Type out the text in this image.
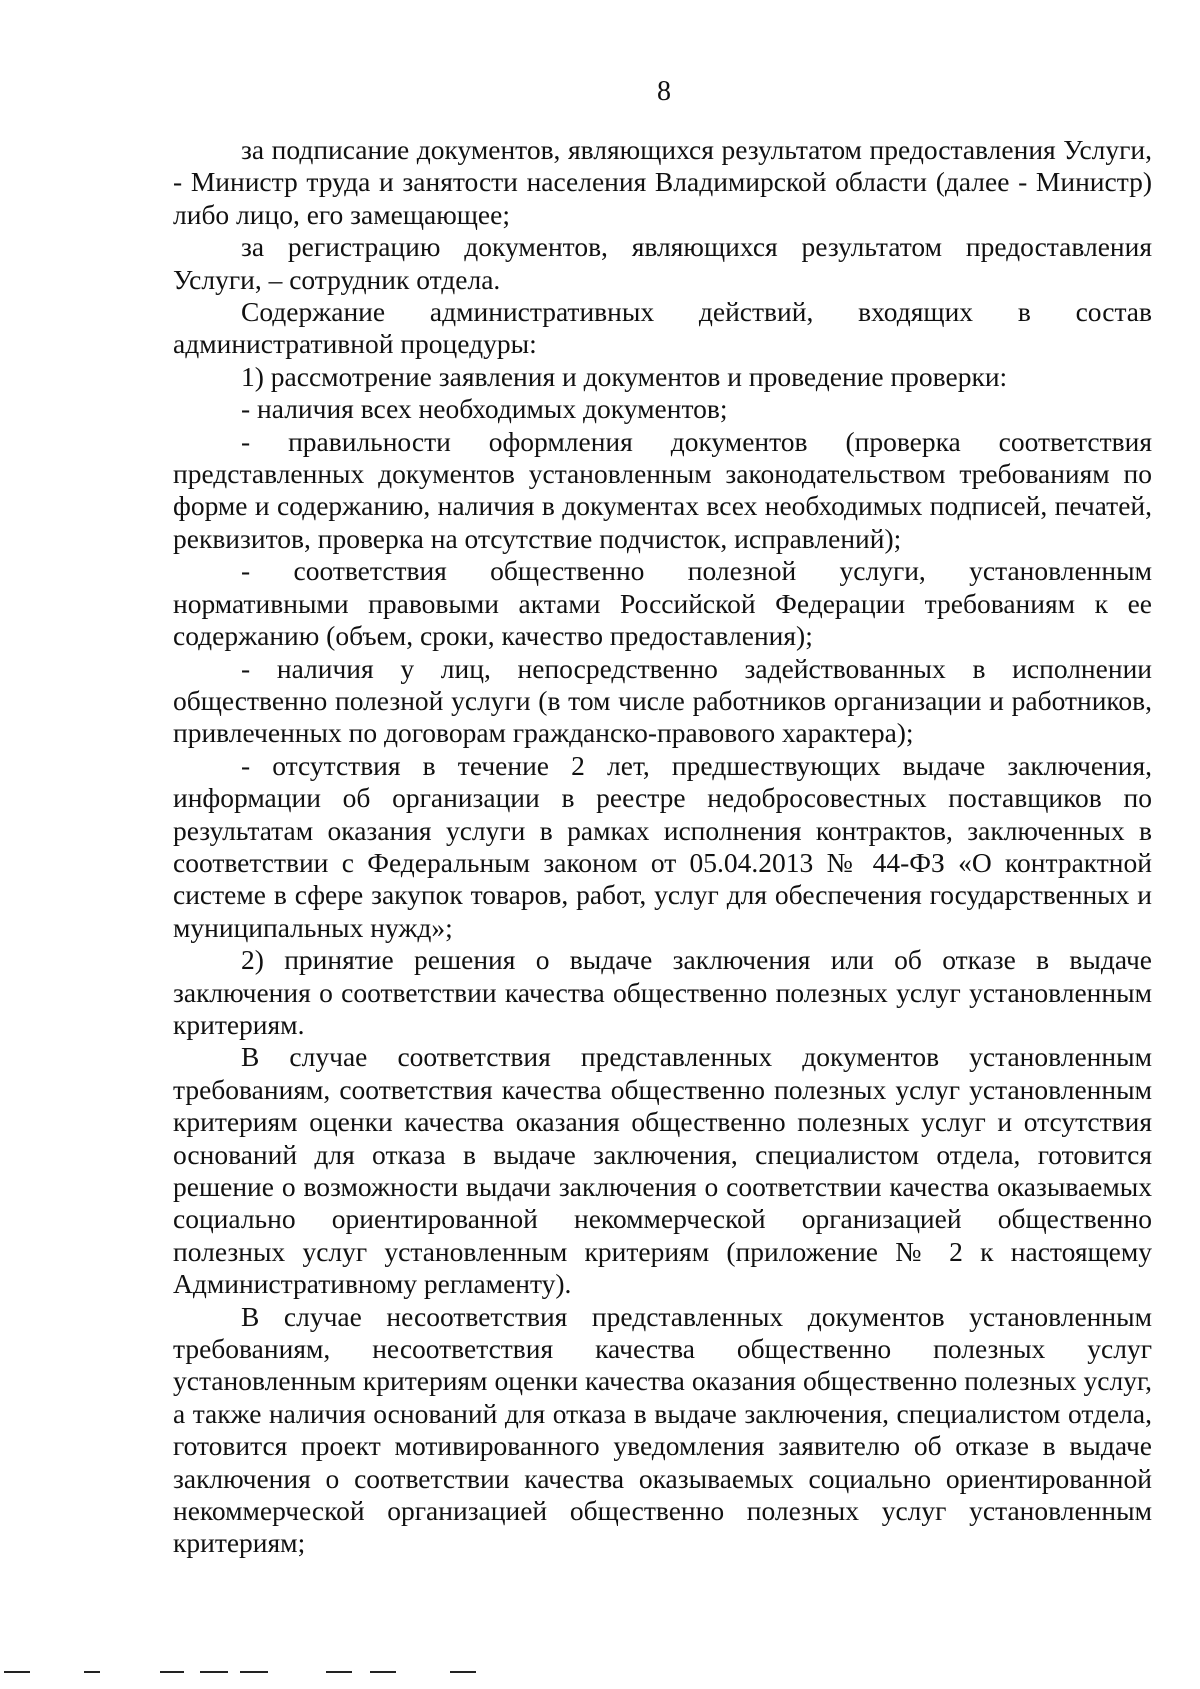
8

за подписание документов, являющихся результатом предоставления Услуги, - Министр труда и занятости населения Владимирской области (далее - Министр) либо лицо, его замещающее;

за регистрацию документов, являющихся результатом предоставления Услуги, – сотрудник отдела.

Содержание административных действий, входящих в состав административной процедуры:

1) рассмотрение заявления и документов и проведение проверки:

- наличия всех необходимых документов;

- правильности оформления документов (проверка соответствия представленных документов установленным законодательством требованиям по форме и содержанию, наличия в документах всех необходимых подписей, печатей, реквизитов, проверка на отсутствие подчисток, исправлений);

- соответствия общественно полезной услуги, установленным нормативными правовыми актами Российской Федерации требованиям к ее содержанию (объем, сроки, качество предоставления);

- наличия у лиц, непосредственно задействованных в исполнении общественно полезной услуги (в том числе работников организации и работников, привлеченных по договорам гражданско-правового характера);

- отсутствия в течение 2 лет, предшествующих выдаче заключения, информации об организации в реестре недобросовестных поставщиков по результатам оказания услуги в рамках исполнения контрактов, заключенных в соответствии с Федеральным законом от 05.04.2013 № 44-ФЗ «О контрактной системе в сфере закупок товаров, работ, услуг для обеспечения государственных и муниципальных нужд»;

2) принятие решения о выдаче заключения или об отказе в выдаче заключения о соответствии качества общественно полезных услуг установленным критериям.

В случае соответствия представленных документов установленным требованиям, соответствия качества общественно полезных услуг установленным критериям оценки качества оказания общественно полезных услуг и отсутствия оснований для отказа в выдаче заключения, специалистом отдела, готовится решение о возможности выдачи заключения о соответствии качества оказываемых социально ориентированной некоммерческой организацией общественно полезных услуг установленным критериям (приложение № 2 к настоящему Административному регламенту).

В случае несоответствия представленных документов установленным требованиям, несоответствия качества общественно полезных услуг установленным критериям оценки качества оказания общественно полезных услуг, а также наличия оснований для отказа в выдаче заключения, специалистом отдела, готовится проект мотивированного уведомления заявителю об отказе в выдаче заключения о соответствии качества оказываемых социально ориентированной некоммерческой организацией общественно полезных услуг установленным критериям;
